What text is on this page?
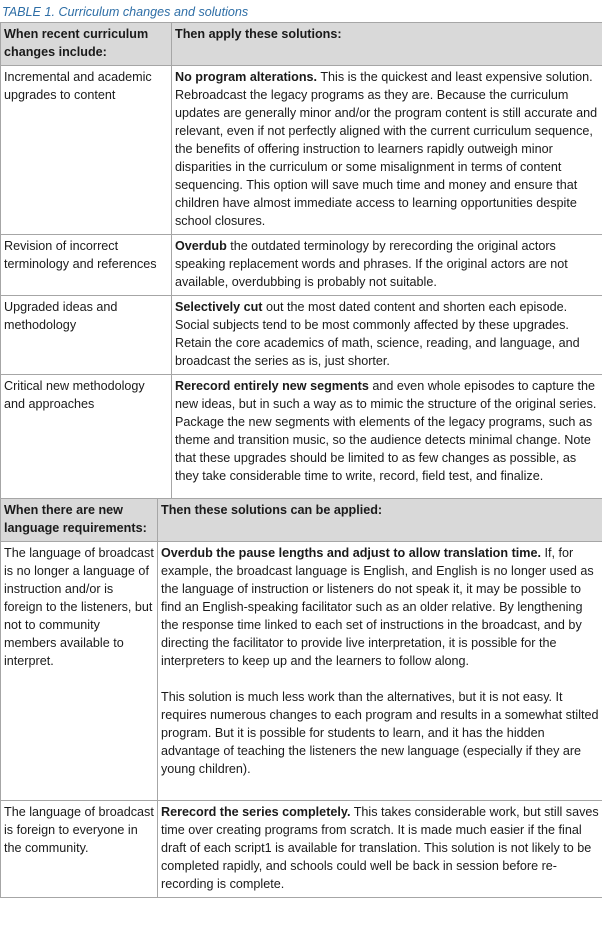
TABLE 1. Curriculum changes and solutions
When recent curriculum changes include:	Then apply these solutions:
Incremental and academic upgrades to content	No program alterations. This is the quickest and least expensive solution. Rebroadcast the legacy programs as they are. Because the curriculum updates are generally minor and/or the program content is still accurate and relevant, even if not perfectly aligned with the current curriculum sequence, the benefits of offering instruction to learners rapidly outweigh minor disparities in the curriculum or some misalignment in terms of content sequencing. This option will save much time and money and ensure that children have almost immediate access to learning opportunities despite school closures.
Revision of incorrect terminology and references	Overdub the outdated terminology by rerecording the original actors speaking replacement words and phrases. If the original actors are not available, overdubbing is probably not suitable.
Upgraded ideas and methodology	Selectively cut out the most dated content and shorten each episode. Social subjects tend to be most commonly affected by these upgrades. Retain the core academics of math, science, reading, and language, and broadcast the series as is, just shorter.
Critical new methodology and approaches	Rerecord entirely new segments and even whole episodes to capture the new ideas, but in such a way as to mimic the structure of the original series. Package the new segments with elements of the legacy programs, such as theme and transition music, so the audience detects minimal change. Note that these upgrades should be limited to as few changes as possible, as they take considerable time to write, record, field test, and finalize.
When there are new language requirements:	Then these solutions can be applied:
The language of broadcast is no longer a language of instruction and/or is foreign to the listeners, but not to community members available to interpret.	Overdub the pause lengths and adjust to allow translation time. If, for example, the broadcast language is English, and English is no longer used as the language of instruction or listeners do not speak it, it may be possible to find an English-speaking facilitator such as an older relative. By lengthening the response time linked to each set of instructions in the broadcast, and by directing the facilitator to provide live interpretation, it is possible for the interpreters to keep up and the learners to follow along.

This solution is much less work than the alternatives, but it is not easy. It requires numerous changes to each program and results in a somewhat stilted program. But it is possible for students to learn, and it has the hidden advantage of teaching the listeners the new language (especially if they are young children).

The language of broadcast is foreign to everyone in the community.	Rerecord the series completely. This takes considerable work, but still saves time over creating programs from scratch. It is made much easier if the final draft of each script1 is available for translation. This solution is not likely to be completed rapidly, and schools could well be back in session before re-recording is complete.
